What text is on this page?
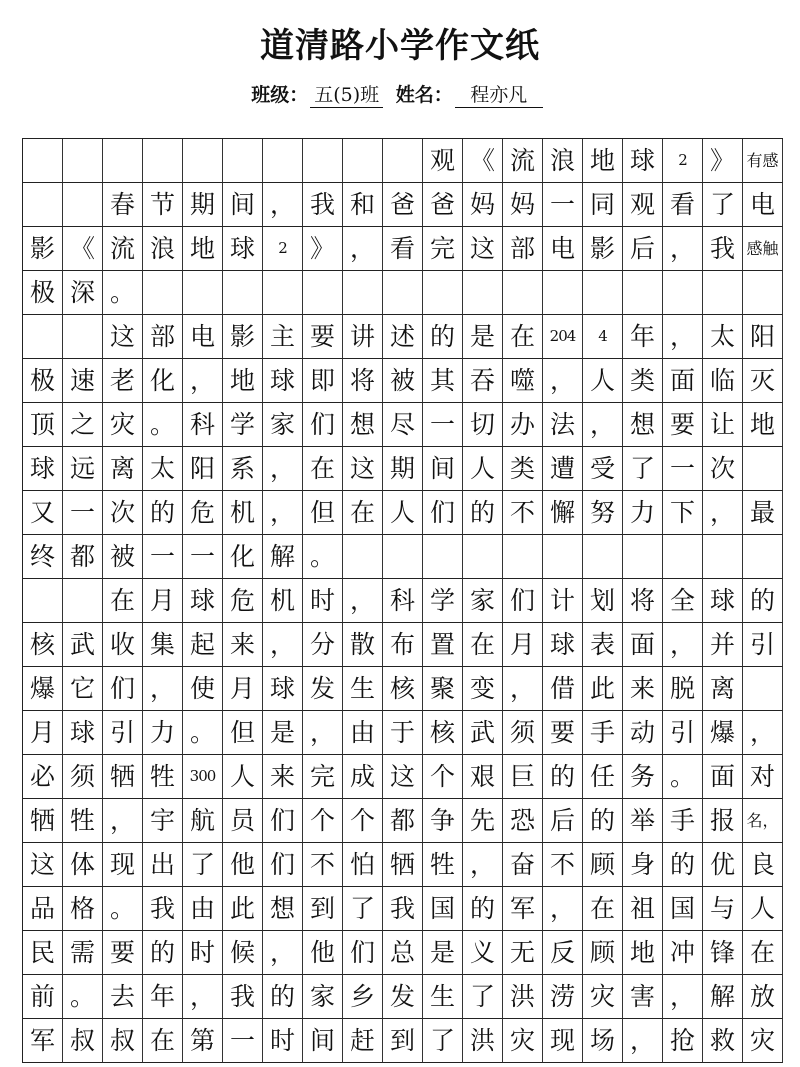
道清路小学作文纸
班级： 五(5)班 姓名： 程亦凡
观 《 流 浪 地 球	2 》 有感
春 节 期 间 ， 我 和 爸 爸 妈 妈 一 同 观 看 了 电
影 《 流 浪 地 球	2 》 ， 看 完 这 部 电 影 后 ， 我 感触
极 深 。
这 部 电 影 主 要 讲 述 的 是 在 204	4 年 ， 太 阳
极 速 老 化 ， 地 球 即 将 被 其 吞 噬 ， 人 类 面 临 灭
顶 之 灾 。 科 学 家 们 想 尽 一 切 办 法 ， 想 要 让 地
球 远 离 太 阳 系 ， 在 这 期 间 人 类 遭 受 了 一 次
又 一 次 的 危 机 ， 但 在 人 们 的 不 懈 努 力 下 ， 最
终 都 被 一 一 化 解 。
在 月 球 危 机 时 ， 科 学 家 们 计 划 将 全 球 的
核 武 收 集 起 来 ， 分 散 布 置 在 月 球 表 面 ， 并 引
爆 它 们 ， 使 月 球 发 生 核 聚 变 ， 借 此 来 脱 离
月 球 引 力 。 但 是 ， 由 于 核 武 须 要 手 动 引 爆 ，
必 须 牺 牲 300 人 来 完 成 这 个 艰 巨 的 任 务 。 面 对
牺 牲 ， 宇 航 员 们 个 个 都 争 先 恐 后 的 举 手 报 名，
这 体 现 出 了 他 们 不 怕 牺 牲 ， 奋 不 顾 身 的 优 良
品 格 。 我 由 此 想 到 了 我 国 的 军 ， 在 祖 国 与 人
民 需 要 的 时 候 ， 他 们 总 是 义 无 反 顾 地 冲 锋 在
前 。 去 年 ， 我 的 家 乡 发 生 了 洪 涝 灾 害 ， 解 放
军 叔 叔 在 第 一 时 间 赶 到 了 洪 灾 现 场 ， 抢 救 灾
